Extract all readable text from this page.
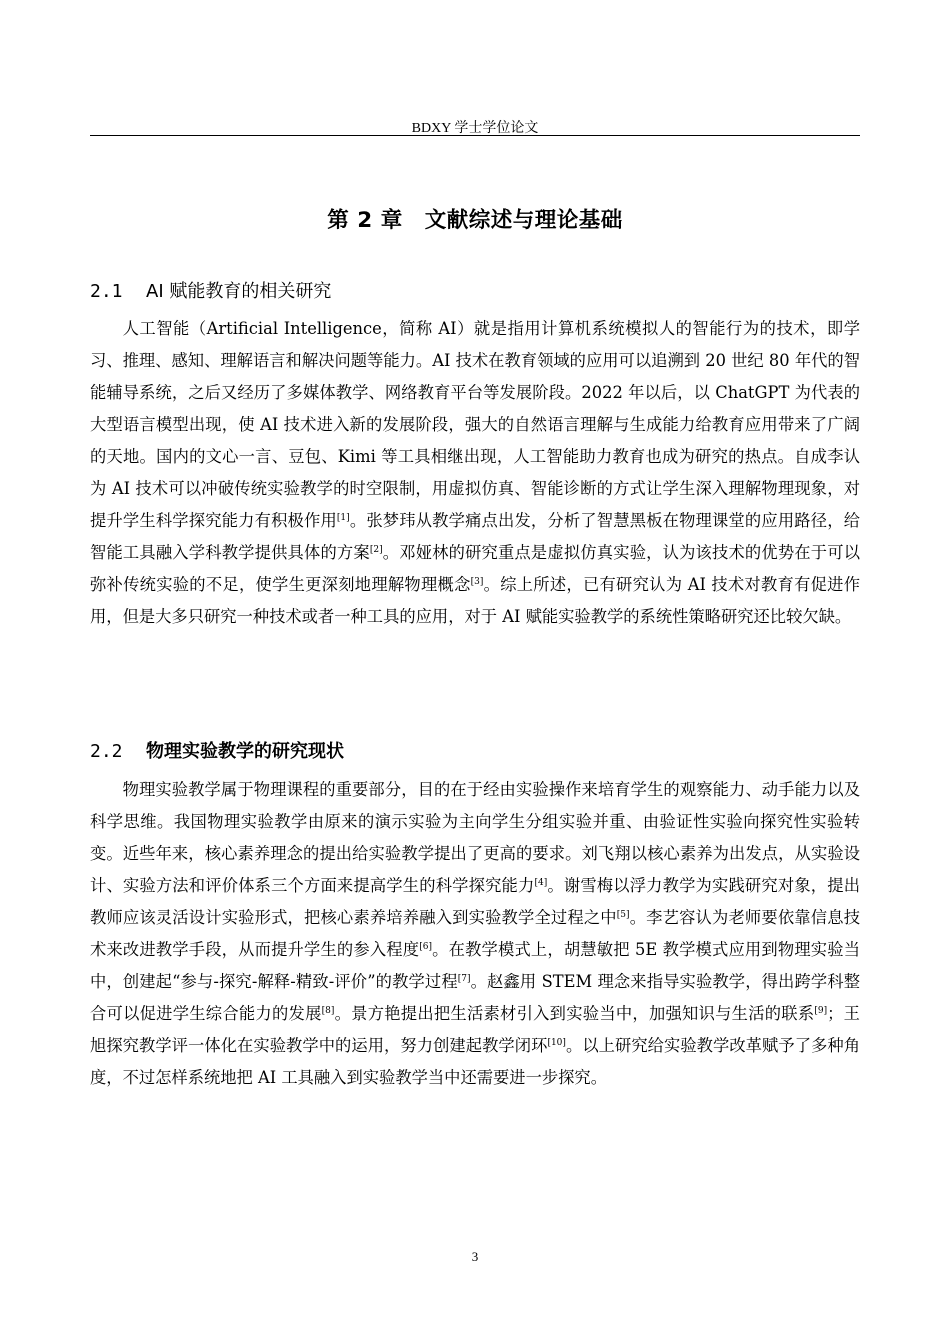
BDXY 学士学位论文
第 2 章　文献综述与理论基础
2.1 AI 赋能教育的相关研究

人工智能（Artificial Intelligence，简称 AI）就是指用计算机系统模拟人的智能行为的技术，即学习、推理、感知、理解语言和解决问题等能力。AI 技术在教育领域的应用可以追溯到 20 世纪 80 年代的智能辅导系统，之后又经历了多媒体教学、网络教育平台等发展阶段。2022 年以后，以 ChatGPT 为代表的大型语言模型出现，使 AI 技术进入新的发展阶段，强大的自然语言理解与生成能力给教育应用带来了广阔的天地。国内的文心一言、豆包、Kimi 等工具相继出现，人工智能助力教育也成为研究的热点。自成李认为 AI 技术可以冲破传统实验教学的时空限制，用虚拟仿真、智能诊断的方式让学生深入理解物理现象，对提升学生科学探究能力有积极作用[1]。张梦玮从教学痛点出发，分析了智慧黑板在物理课堂的应用路径，给智能工具融入学科教学提供具体的方案[2]。邓娅林的研究重点是虚拟仿真实验，认为该技术的优势在于可以弥补传统实验的不足，使学生更深刻地理解物理概念[3]。综上所述，已有研究认为 AI 技术对教育有促进作用，但是大多只研究一种技术或者一种工具的应用，对于 AI 赋能实验教学的系统性策略研究还比较欠缺。

2.2 物理实验教学的研究现状

物理实验教学属于物理课程的重要部分，目的在于经由实验操作来培育学生的观察能力、动手能力以及科学思维。我国物理实验教学由原来的演示实验为主向学生分组实验并重、由验证性实验向探究性实验转变。近些年来，核心素养理念的提出给实验教学提出了更高的要求。刘飞翔以核心素养为出发点，从实验设计、实验方法和评价体系三个方面来提高学生的科学探究能力[4]。谢雪梅以浮力教学为实践研究对象，提出教师应该灵活设计实验形式，把核心素养培养融入到实验教学全过程之中[5]。李艺容认为老师要依靠信息技术来改进教学手段，从而提升学生的参入程度[6]。在教学模式上，胡慧敏把 5E 教学模式应用到物理实验当中，创建起“参与-探究-解释-精致-评价”的教学过程[7]。赵鑫用 STEM 理念来指导实验教学，得出跨学科整合可以促进学生综合能力的发展[8]。景方艳提出把生活素材引入到实验当中，加强知识与生活的联系[9]；王旭探究教学评一体化在实验教学中的运用，努力创建起教学闭环[10]。以上研究给实验教学改革赋予了多种角度，不过怎样系统地把 AI 工具融入到实验教学当中还需要进一步探究。

3
